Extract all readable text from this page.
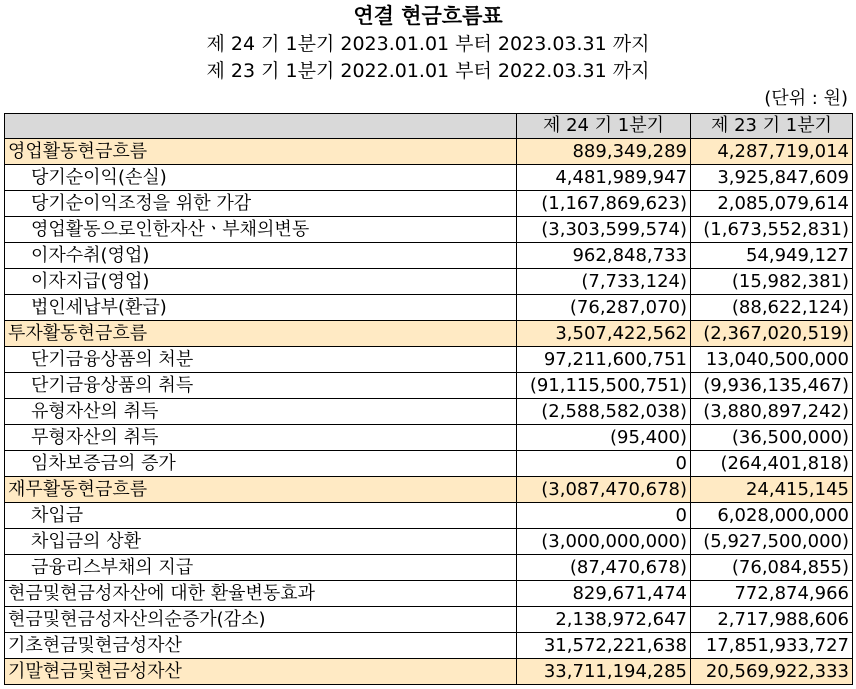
연결 현금흐름표
제 24 기 1분기 2023.01.01 부터 2023.03.31 까지
제 23 기 1분기 2022.01.01 부터 2022.03.31 까지
(단위 : 원)
	제 24 기 1분기	제 23 기 1분기
영업활동현금흐름	889,349,289	4,287,719,014
당기순이익(손실)	4,481,989,947	3,925,847,609
당기순이익조정을 위한 가감	(1,167,869,623)	2,085,079,614
영업활동으로인한자산ㆍ부채의변동	(3,303,599,574)	(1,673,552,831)
이자수취(영업)	962,848,733	54,949,127
이자지급(영업)	(7,733,124)	(15,982,381)
법인세납부(환급)	(76,287,070)	(88,622,124)
투자활동현금흐름	3,507,422,562	(2,367,020,519)
단기금융상품의 처분	97,211,600,751	13,040,500,000
단기금융상품의 취득	(91,115,500,751)	(9,936,135,467)
유형자산의 취득	(2,588,582,038)	(3,880,897,242)
무형자산의 취득	(95,400)	(36,500,000)
임차보증금의 증가	0	(264,401,818)
재무활동현금흐름	(3,087,470,678)	24,415,145
차입금	0	6,028,000,000
차입금의 상환	(3,000,000,000)	(5,927,500,000)
금융리스부채의 지급	(87,470,678)	(76,084,855)
현금및현금성자산에 대한 환율변동효과	829,671,474	772,874,966
현금및현금성자산의순증가(감소)	2,138,972,647	2,717,988,606
기초현금및현금성자산	31,572,221,638	17,851,933,727
기말현금및현금성자산	33,711,194,285	20,569,922,333
